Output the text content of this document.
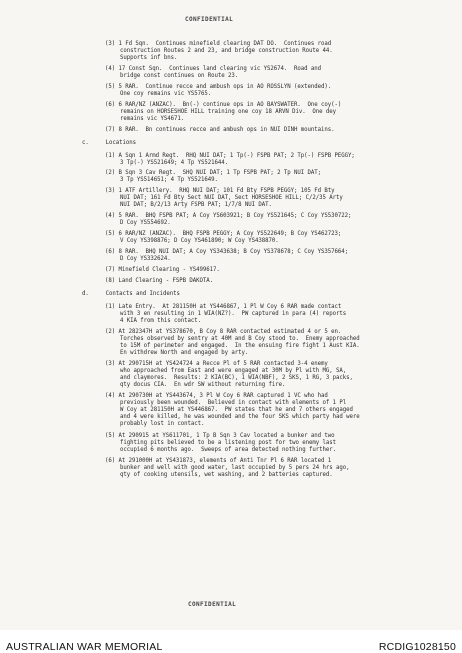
CONFIDENTIAL
(3) 1 Fd Sqn.  Continues minefield clearing DAT DO.  Continues road
construction Routes 2 and 23, and bridge construction Route 44.
Supports inf bns.
(4) 17 Const Sqn.  Continues land clearing vic YS2674.  Road and
bridge const continues on Route 23.
(5) 5 RAR.  Continue recce and ambush ops in AO ROSSLYN (extended).
One coy remains vic YS5765.
(6) 6 RAR/NZ (ANZAC).  Bn(-) continue ops in AO BAYSWATER.  One coy(-)
remains on HORSESHOE HILL training one coy 18 ARVN Div.  One dey
remains vic YS4671.
(7) 8 RAR.  Bn continues recce and ambush ops in NUI DINH mountains.
c.     Locations
(1) A Sqn 1 Armd Regt.  RHQ NUI DAT; 1 Tp(-) FSPB PAT; 2 Tp(-) FSPB PEGGY;
3 Tp(-) YS521649; 4 Tp YS521644.
(2) B Sqn 3 Cav Regt.  SHQ NUI DAT; 1 Tp FSPB PAT; 2 Tp NUI DAT;
3 Tp YS514651; 4 Tp YS521649.
(3) 1 ATF Artillery.  RHQ NUI DAT; 101 Fd Bty FSPB PEGGY; 105 Fd Bty
NUI DAT; 161 Fd Bty Sect NUI DAT, Sect HORSESHOE HILL; C/2/35 Arty
NUI DAT; B/2/13 Arty FSPB PAT; 1/7/8 NUI DAT.
(4) 5 RAR.  BHQ FSPB PAT; A Coy YS603921; B Coy YS521645; C Coy YS530722;
D Coy YS554692.
(5) 6 RAR/NZ (ANZAC).  BHQ FSPB PEGGY; A Coy YS522649; B Coy YS462723;
V Coy YS398876; D Coy YS461890; W Coy YS438870.
(6) 8 RAR.  BHQ NUI DAT; A Coy YS343638; B Coy YS378678; C Coy YS357664;
D Coy YS332624.
(7) Minefield Clearing - YS499617.
(8) Land Clearing - FSPB DAKOTA.
d.     Contacts and Incidents
(1) Late Entry.  At 281150H at YS446867, 1 Pl W Coy 6 RAR made contact
with 3 en resulting in 1 WIA(NZ?).  PW captured in para (4) reports
4 KIA from this contact.
(2) At 282347H at YS378670, B Coy 8 RAR contacted estimated 4 or 5 en.
Torches observed by sentry at 40M and B Coy stood to.  Enemy approached
to 15M of perimeter and engaged.  In the ensuing fire fight 1 Aust KIA.
En withdrew North and engaged by arty.
(3) At 290715H at YS424724 a Recce Pl of 5 RAR contacted 3-4 enemy
who approached from East and were engaged at 30M by Pl with MG, SA,
and claymores.  Results: 2 KIA(BC), 1 WIA(NBF), 2 SKS, 1 RG, 3 packs,
qty docus CIA.  En wdr SW without returning fire.
(4) At 290730H at YS443674, 3 Pl W Coy 6 RAR captured 1 VC who had
previously been wounded.  Believed in contact with elements of 1 Pl
W Coy at 281150H at YS446867.  PW states that he and 7 others engaged
and 4 were killed, he was wounded and the four SKS which party had were
probably lost in contact.
(5) At 290915 at YS611701, 1 Tp B Sqn 3 Cav located a bunker and two
fighting pits believed to be a listening post for two enemy last
occupied 6 months ago.  Sweeps of area detected nothing further.
(6) At 291000H at YS431873, elements of Anti Tnr Pl 6 RAR located 1
bunker and well with good water, last occupied by 5 pers 24 hrs ago,
qty of cooking utensils, wet washing, and 2 batteries captured.
CONFIDENTIAL
AUSTRALIAN WAR MEMORIAL	RCDIG1028150
